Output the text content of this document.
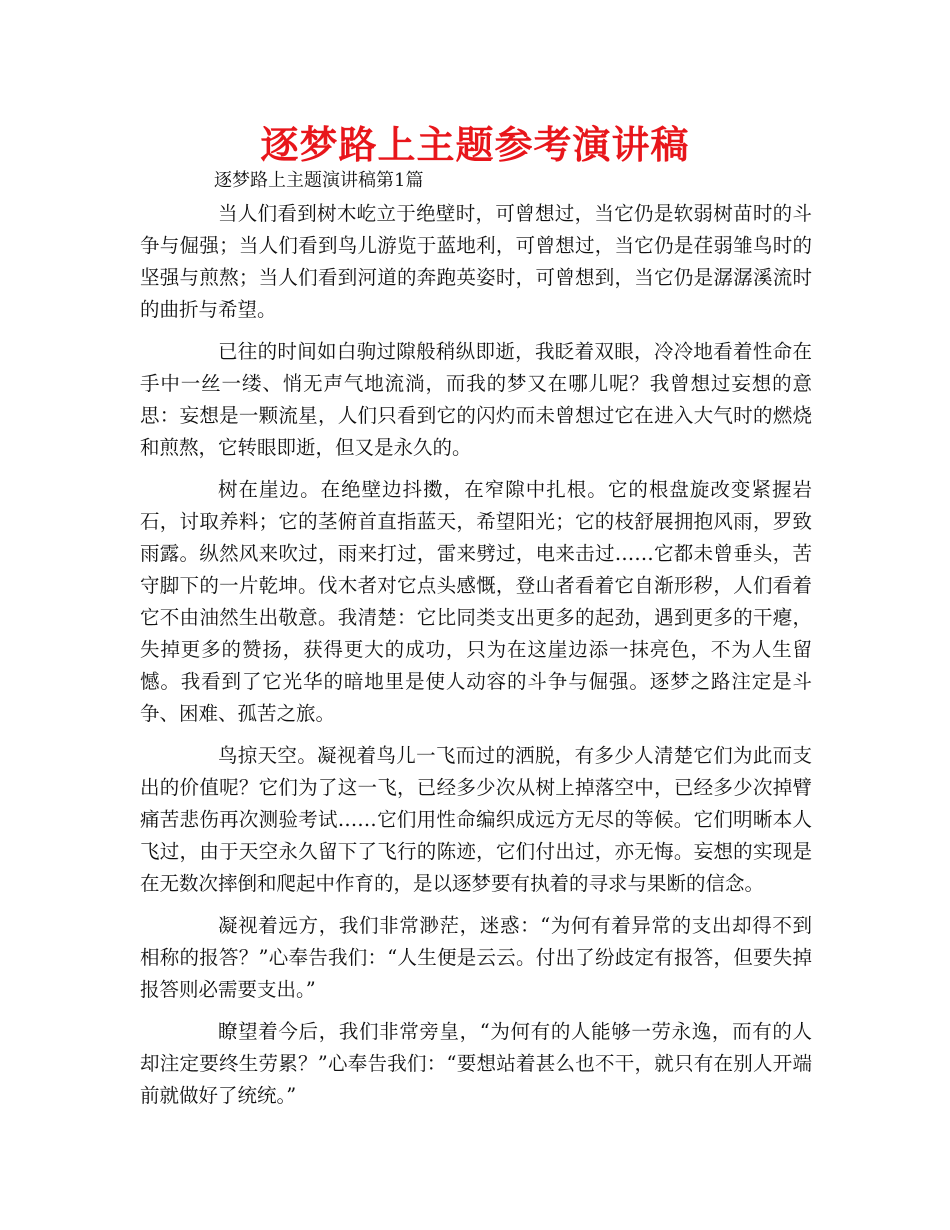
逐梦路上主题参考演讲稿
逐梦路上主题演讲稿第1篇

当人们看到树木屹立于绝壁时，可曾想过，当它仍是软弱树苗时的斗争与倔强；当人们看到鸟儿游览于蓝地利，可曾想过，当它仍是荏弱雏鸟时的坚强与煎熬；当人们看到河道的奔跑英姿时，可曾想到，当它仍是潺潺溪流时的曲折与希望。

已往的时间如白驹过隙般稍纵即逝，我眨着双眼，冷冷地看着性命在手中一丝一缕、悄无声气地流淌，而我的梦又在哪儿呢？我曾想过妄想的意思：妄想是一颗流星，人们只看到它的闪灼而未曾想过它在进入大气时的燃烧和煎熬，它转眼即逝，但又是永久的。

树在崖边。在绝壁边抖擞，在窄隙中扎根。它的根盘旋改变紧握岩石，讨取养料；它的茎俯首直指蓝天，希望阳光；它的枝舒展拥抱风雨，罗致雨露。纵然风来吹过，雨来打过，雷来劈过，电来击过……它都未曾垂头，苦守脚下的一片乾坤。伐木者对它点头感慨，登山者看着它自渐形秽，人们看着它不由油然生出敬意。我清楚：它比同类支出更多的起劲，遇到更多的干瘪，失掉更多的赞扬，获得更大的成功，只为在这崖边添一抹亮色，不为人生留憾。我看到了它光华的暗地里是使人动容的斗争与倔强。逐梦之路注定是斗争、困难、孤苦之旅。

鸟掠天空。凝视着鸟儿一飞而过的洒脱，有多少人清楚它们为此而支出的价值呢？它们为了这一飞，已经多少次从树上掉落空中，已经多少次掉臂痛苦悲伤再次测验考试……它们用性命编织成远方无尽的等候。它们明晰本人飞过，由于天空永久留下了飞行的陈迹，它们付出过，亦无悔。妄想的实现是在无数次摔倒和爬起中作育的，是以逐梦要有执着的寻求与果断的信念。

凝视着远方，我们非常渺茫，迷惑：“为何有着异常的支出却得不到相称的报答？”心奉告我们：“人生便是云云。付出了纷歧定有报答，但要失掉报答则必需要支出。”

瞭望着今后，我们非常旁皇，“为何有的人能够一劳永逸，而有的人却注定要终生劳累？”心奉告我们：“要想站着甚么也不干，就只有在别人开端前就做好了统统。”
